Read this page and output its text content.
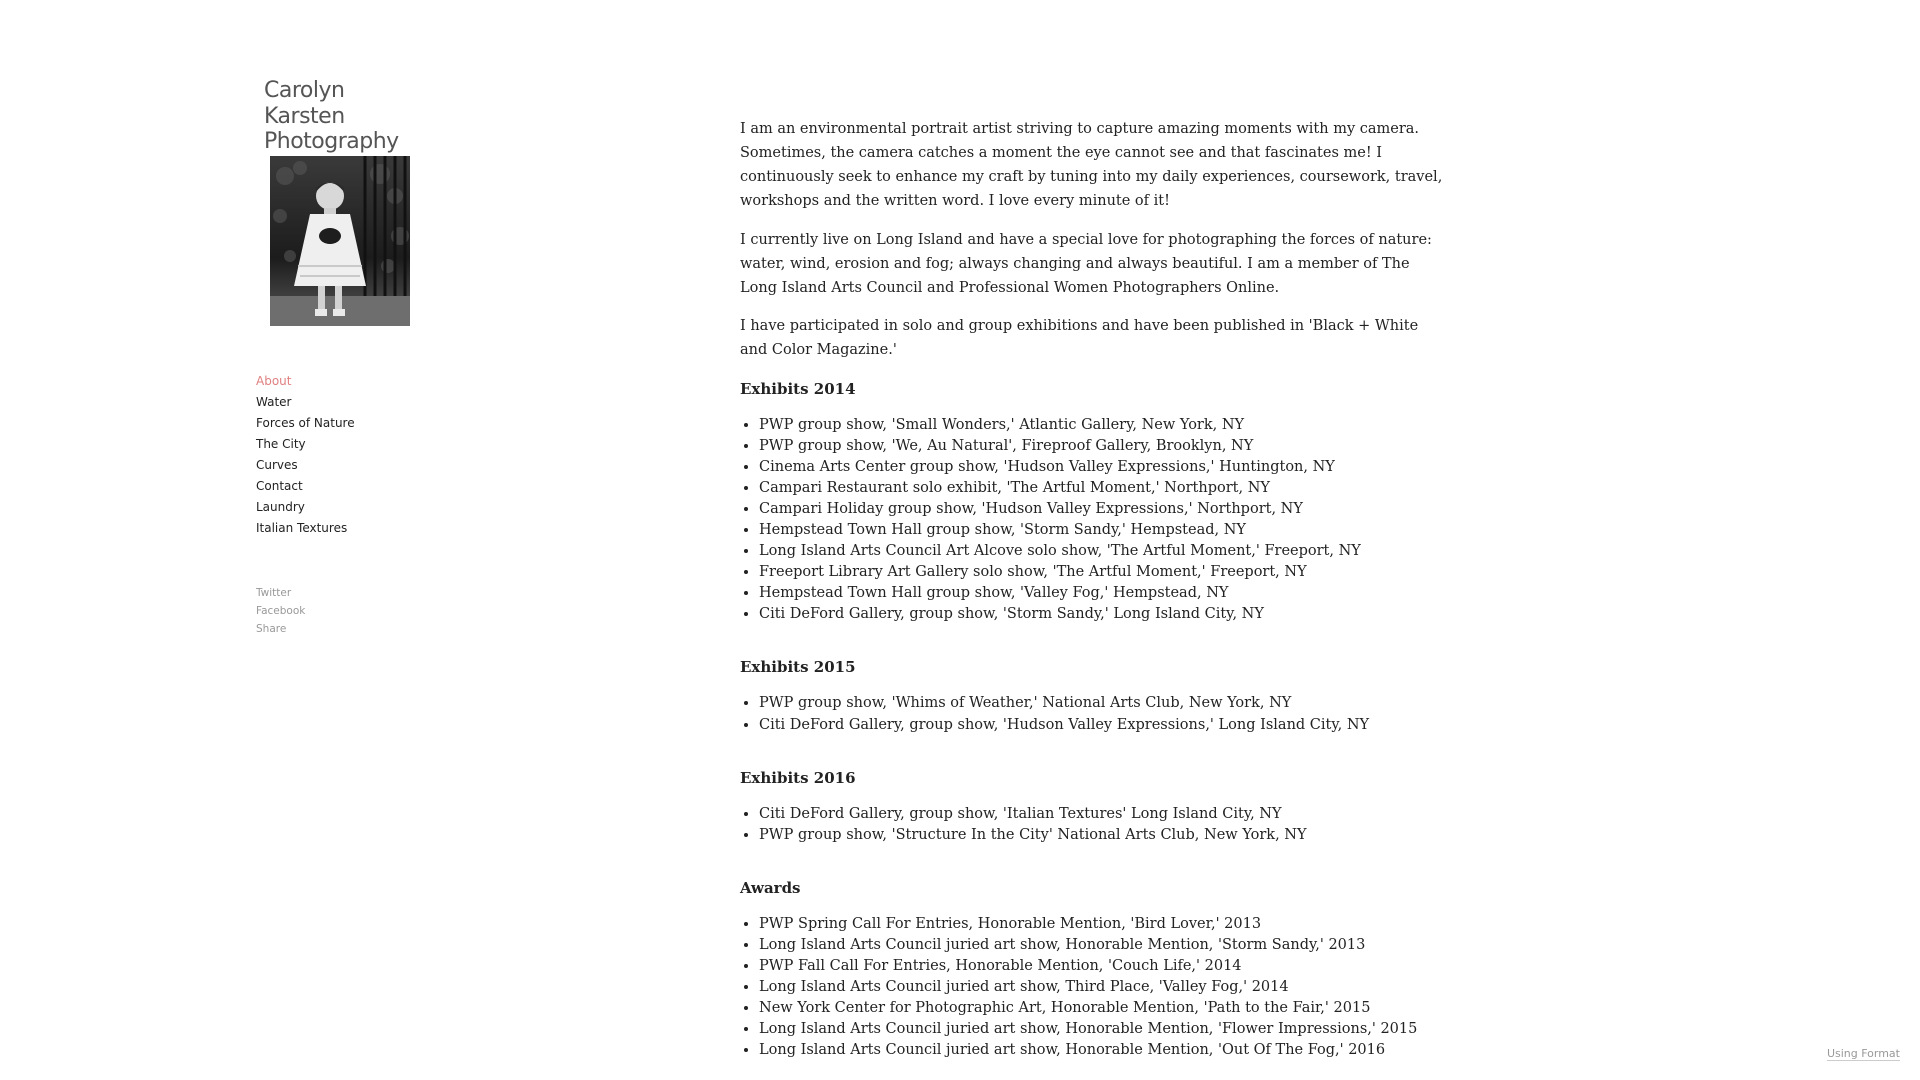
Carolyn
Karsten
Photography
About
Water
Forces of Nature
The City
Curves
Contact
Laundry
Italian Textures
Twitter
Facebook
Share

I am an environmental portrait artist striving to capture amazing moments with my camera. Sometimes, the camera catches a moment the eye cannot see and that fascinates me! I continuously seek to enhance my craft by tuning into my daily experiences, coursework, travel, workshops and the written word. I love every minute of it!

I currently live on Long Island and have a special love for photographing the forces of nature: water, wind, erosion and fog; always changing and always beautiful. I am a member of The Long Island Arts Council and Professional Women Photographers Online.

I have participated in solo and group exhibitions and have been published in 'Black + White and Color Magazine.'

Exhibits 2014
• PWP group show, 'Small Wonders,' Atlantic Gallery, New York, NY
• PWP group show, 'We, Au Natural', Fireproof Gallery, Brooklyn, NY
• Cinema Arts Center group show, 'Hudson Valley Expressions,' Huntington, NY
• Campari Restaurant solo exhibit, 'The Artful Moment,' Northport, NY
• Campari Holiday group show, 'Hudson Valley Expressions,' Northport, NY
• Hempstead Town Hall group show, 'Storm Sandy,' Hempstead, NY
• Long Island Arts Council Art Alcove solo show, 'The Artful Moment,' Freeport, NY
• Freeport Library Art Gallery solo show, 'The Artful Moment,' Freeport, NY
• Hempstead Town Hall group show, 'Valley Fog,' Hempstead, NY
• Citi DeFord Gallery, group show, 'Storm Sandy,' Long Island City, NY
Exhibits 2015
• PWP group show, 'Whims of Weather,' National Arts Club, New York, NY
• Citi DeFord Gallery, group show, 'Hudson Valley Expressions,' Long Island City, NY
Exhibits 2016
• Citi DeFord Gallery, group show, 'Italian Textures' Long Island City, NY
• PWP group show, 'Structure In the City' National Arts Club, New York, NY
Awards
• PWP Spring Call For Entries, Honorable Mention, 'Bird Lover,' 2013
• Long Island Arts Council juried art show, Honorable Mention, 'Storm Sandy,' 2013
• PWP Fall Call For Entries, Honorable Mention, 'Couch Life,' 2014
• Long Island Arts Council juried art show, Third Place, 'Valley Fog,' 2014
• New York Center for Photographic Art, Honorable Mention, 'Path to the Fair,' 2015
• Long Island Arts Council juried art show, Honorable Mention, 'Flower Impressions,' 2015
• Long Island Arts Council juried art show, Honorable Mention, 'Out Of The Fog,' 2016	Using Format
